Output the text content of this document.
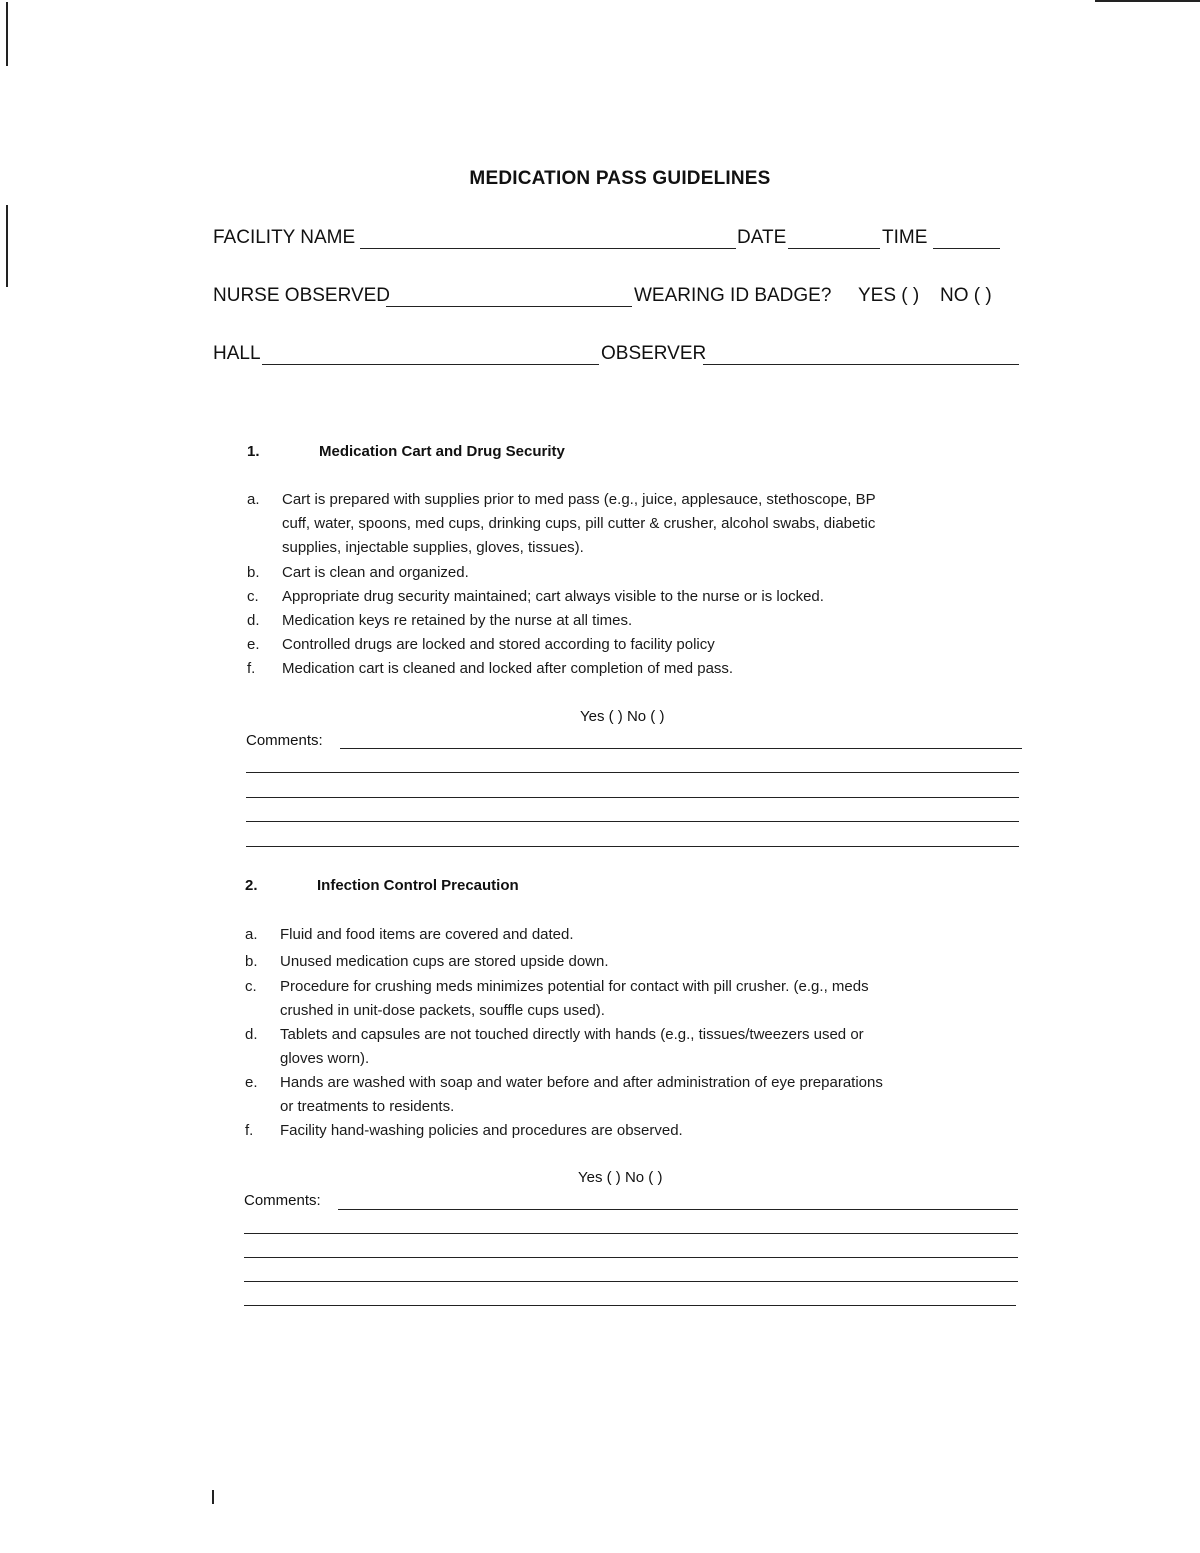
MEDICATION PASS GUIDELINES
FACILITY NAME	DATE	TIME
NURSE OBSERVED	WEARING ID BADGE? YES ( ) NO ( )
HALL	OBSERVER
1.	Medication Cart and Drug Security
a.	Cart is prepared with supplies prior to med pass (e.g., juice, applesauce, stethoscope, BP
cuff, water, spoons, med cups, drinking cups, pill cutter & crusher, alcohol swabs, diabetic
supplies, injectable supplies, gloves, tissues).
b.	Cart is clean and organized.
c.	Appropriate drug security maintained; cart always visible to the nurse or is locked.
d.	Medication keys re retained by the nurse at all times.
e.	Controlled drugs are locked and stored according to facility policy
f.	Medication cart is cleaned and locked after completion of med pass.
Yes ( ) No ( )
Comments:
2.	Infection Control Precaution
a.	Fluid and food items are covered and dated.
b.	Unused medication cups are stored upside down.
c.	Procedure for crushing meds minimizes potential for contact with pill crusher. (e.g., meds
crushed in unit-dose packets, souffle cups used).
d.	Tablets and capsules are not touched directly with hands (e.g., tissues/tweezers used or
gloves worn).
e.	Hands are washed with soap and water before and after administration of eye preparations
or treatments to residents.
f.	Facility hand-washing policies and procedures are observed.
Yes ( ) No ( )
Comments:
